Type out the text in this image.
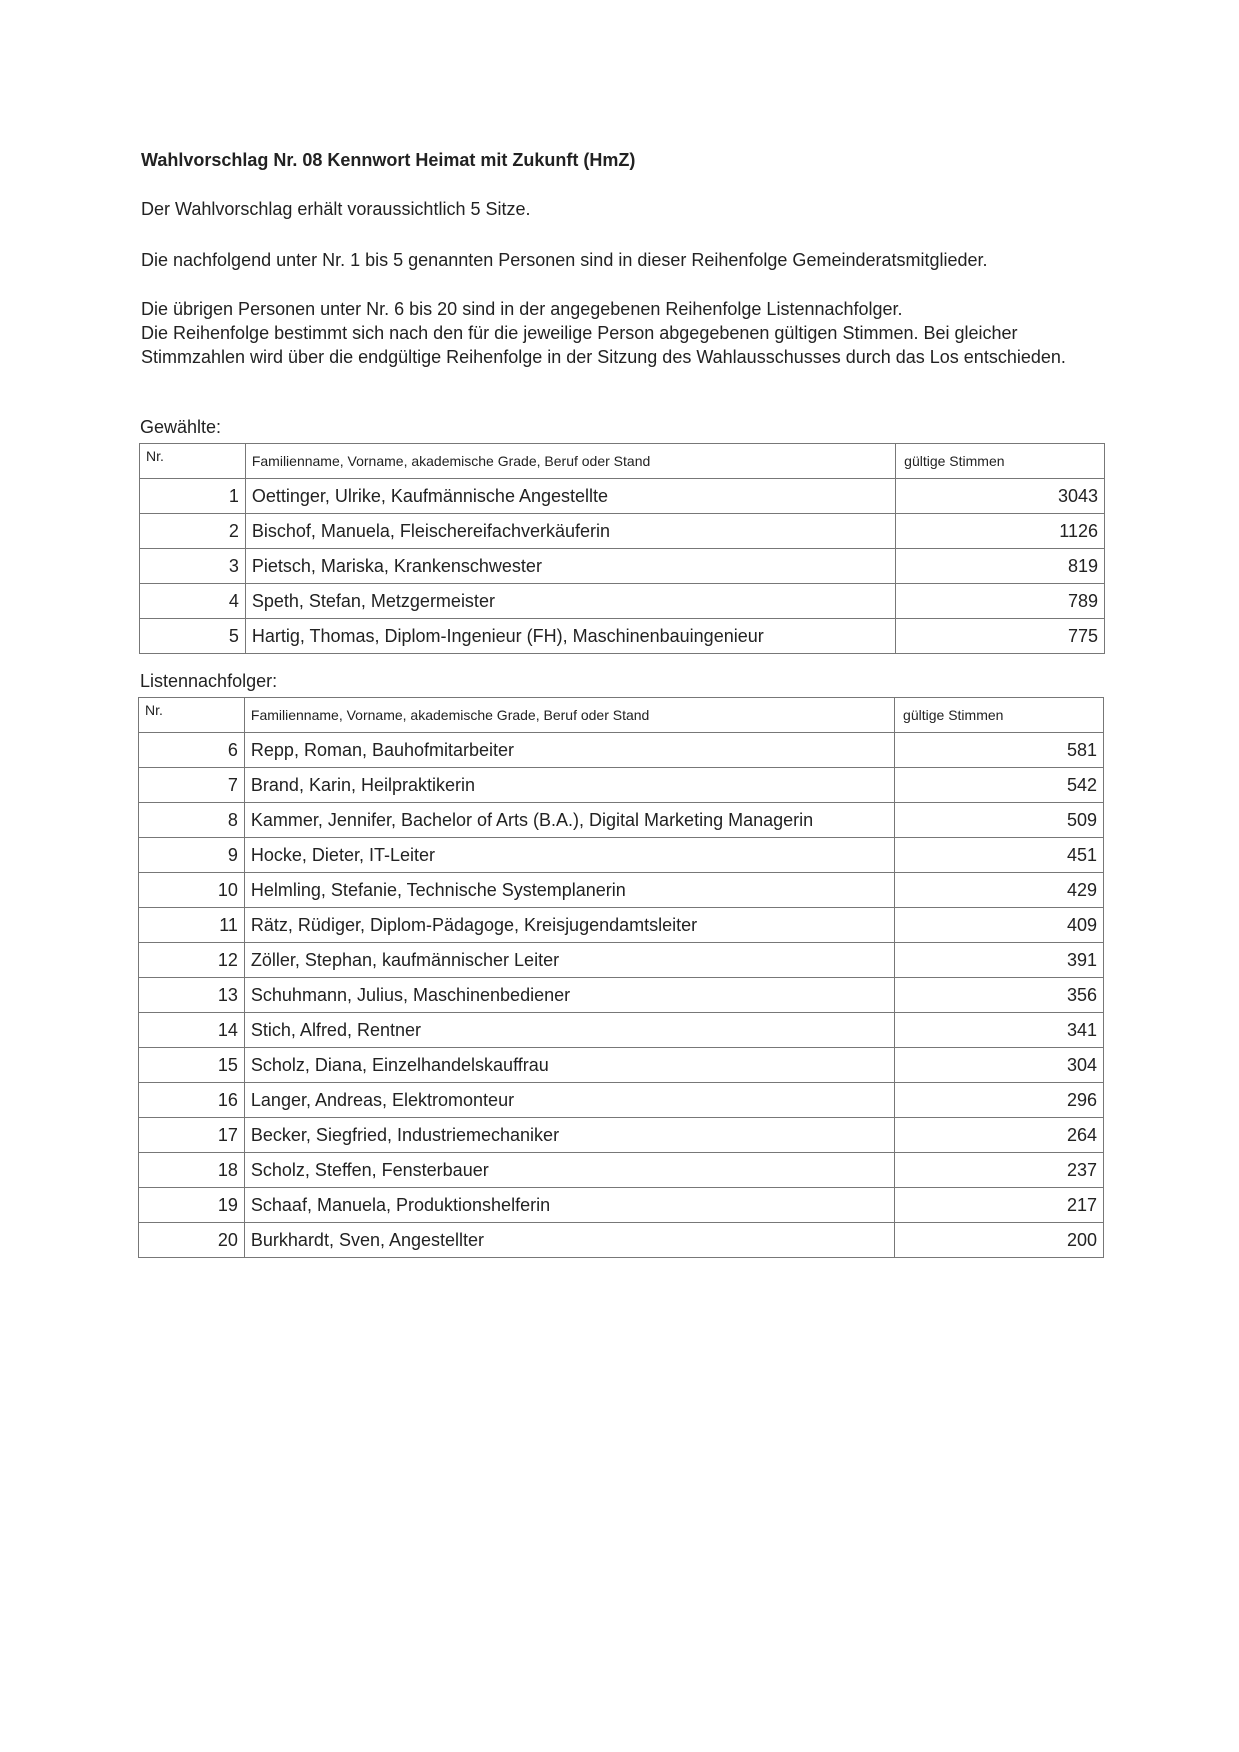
Wahlvorschlag Nr. 08 Kennwort Heimat mit Zukunft (HmZ)
Der Wahlvorschlag erhält voraussichtlich 5 Sitze.
Die nachfolgend unter Nr. 1 bis 5 genannten Personen sind in dieser Reihenfolge Gemeinderatsmitglieder.
Die übrigen Personen unter Nr. 6 bis 20 sind in der angegebenen Reihenfolge Listennachfolger.
Die Reihenfolge bestimmt sich nach den für die jeweilige Person abgegebenen gültigen Stimmen. Bei gleicher Stimmzahlen wird über die endgültige Reihenfolge in der Sitzung des Wahlausschusses durch das Los entschieden.
Gewählte:
Nr.	Familienname, Vorname, akademische Grade, Beruf oder Stand	gültige Stimmen
1	Oettinger, Ulrike, Kaufmännische Angestellte	3043
2	Bischof, Manuela, Fleischereifachverkäuferin	1126
3	Pietsch, Mariska, Krankenschwester	819
4	Speth, Stefan, Metzgermeister	789
5	Hartig, Thomas, Diplom-Ingenieur (FH), Maschinenbauingenieur	775
Listennachfolger:
Nr.	Familienname, Vorname, akademische Grade, Beruf oder Stand	gültige Stimmen
6	Repp, Roman, Bauhofmitarbeiter	581
7	Brand, Karin, Heilpraktikerin	542
8	Kammer, Jennifer, Bachelor of Arts (B.A.), Digital Marketing Managerin	509
9	Hocke, Dieter, IT-Leiter	451
10	Helmling, Stefanie, Technische Systemplanerin	429
11	Rätz, Rüdiger, Diplom-Pädagoge, Kreisjugendamtsleiter	409
12	Zöller, Stephan, kaufmännischer Leiter	391
13	Schuhmann, Julius, Maschinenbediener	356
14	Stich, Alfred, Rentner	341
15	Scholz, Diana, Einzelhandelskauffrau	304
16	Langer, Andreas, Elektromonteur	296
17	Becker, Siegfried, Industriemechaniker	264
18	Scholz, Steffen, Fensterbauer	237
19	Schaaf, Manuela, Produktionshelferin	217
20	Burkhardt, Sven, Angestellter	200
